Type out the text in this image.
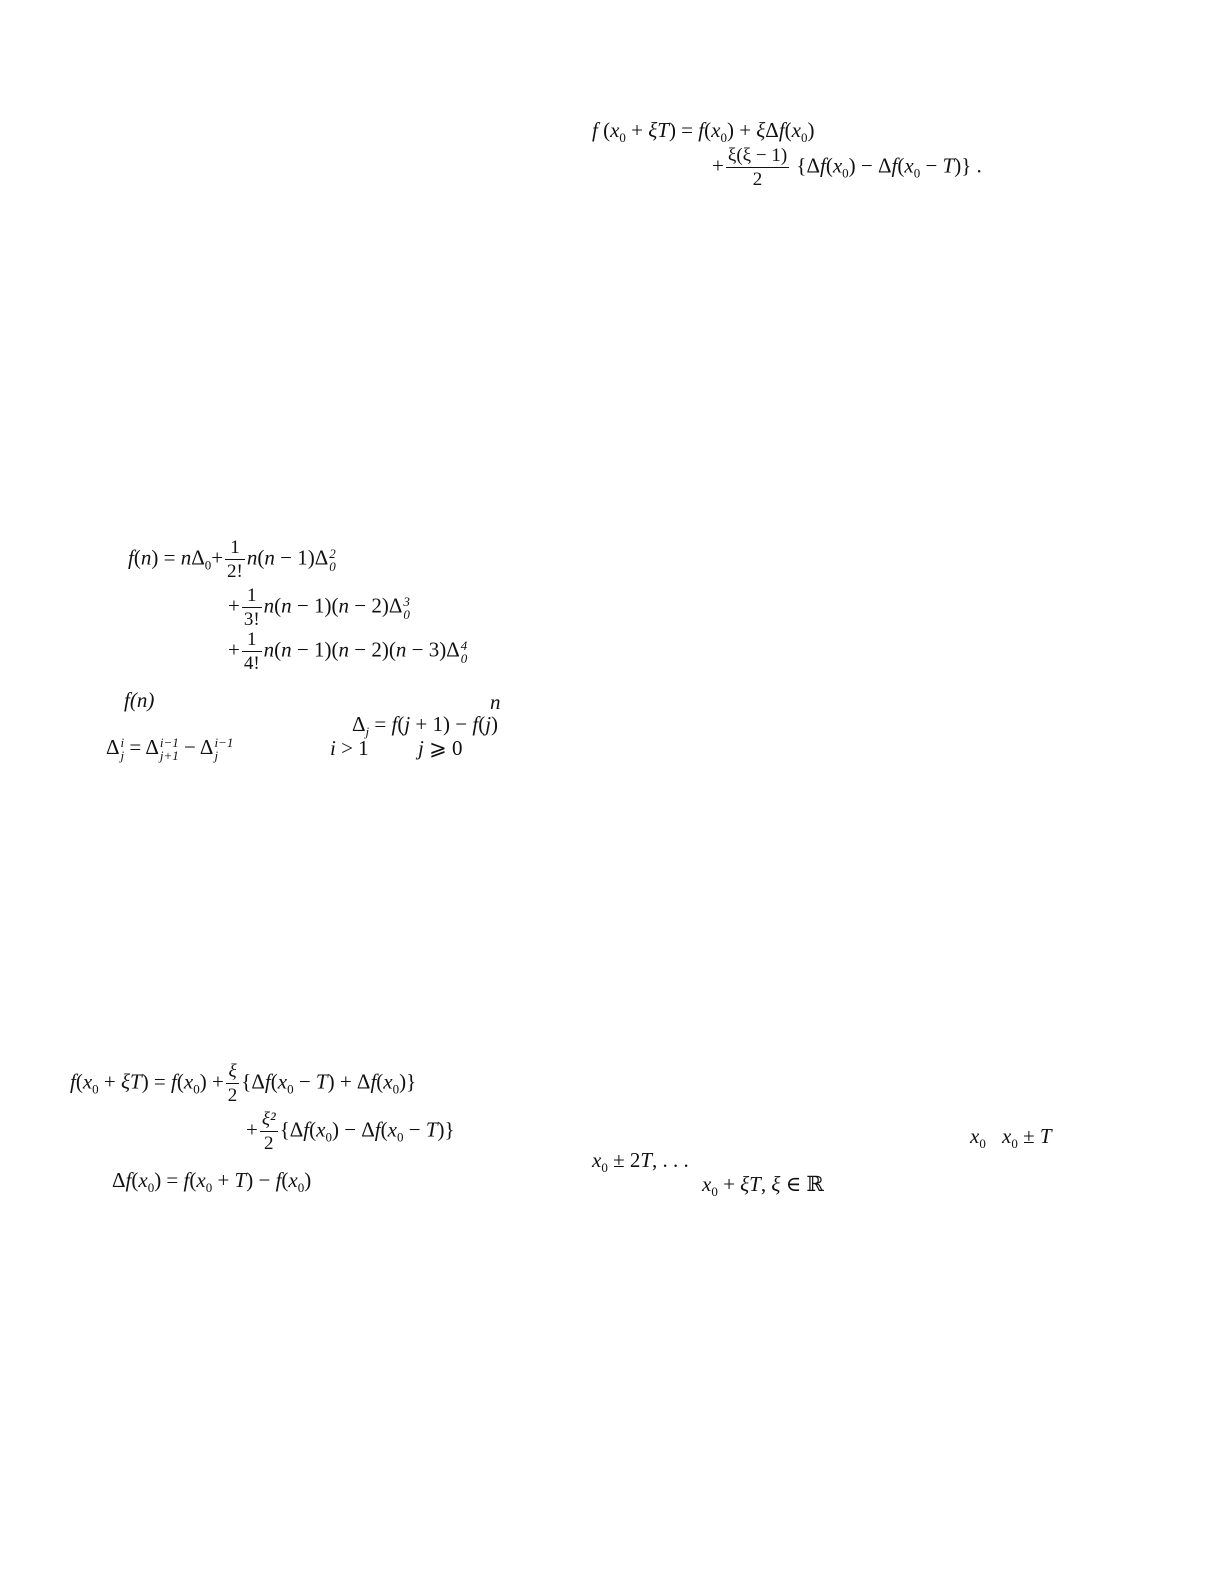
f $(x_0 + \xi T) = f(x_0) + \xi\Delta f(x_0)$
+ $\frac{\xi(\xi - 1)}{2} \{\Delta f(x_0) - \Delta f(x_0 - T)\}$ .
$f(n) = n\Delta_0+ \frac{1}{2!} n(n - 1)\Delta$ 2
0
+ $\frac{1}{3!} n(n - 1)(n - 2)\Delta$ 3
0
+ $\frac{1}{4!} n(n - 1)(n - 2)(n - 3)\Delta$ 4
0
f(n)	n
$\Delta_j = f(j + 1) - f(j)$
Δ i
j = Δ i−1
j+1 − Δ i−1
j	i > 1 j ⩾ 0
$f(x_0 + \xi T) = f(x_0) + \frac{\xi}{2} \{\Delta f(x_0 - T) + \Delta f(x_0)\}$
+ $\frac{\text{ξ²}}{2} \{\Delta f(x_0) - \Delta f(x_0 - T)\}$
$\Delta f(x_0) = f(x_0 + T) - f(x_0)$
$x_0$ $x_0 \pm T$
$x_0 \pm 2T$, . . .
$x_0 + \xi T$, ξ ∈ ℝ
